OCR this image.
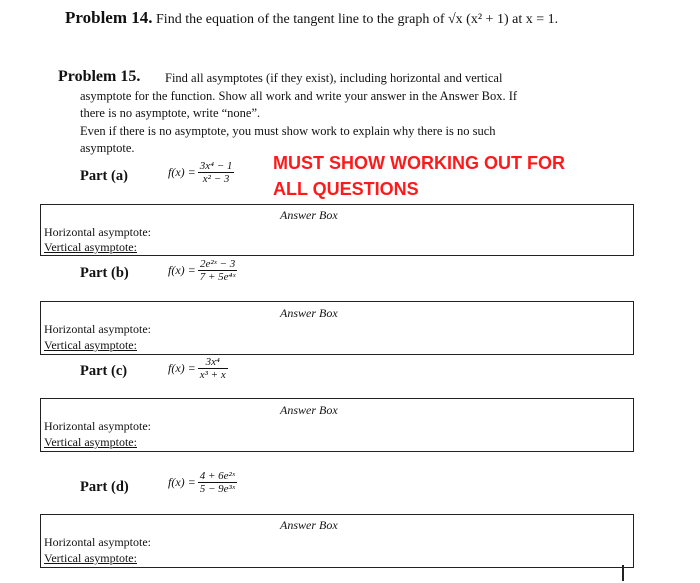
Problem 14. Find the equation of the tangent line to the graph of √x (x² + 1) at x = 1.
Problem 15. Find all asymptotes (if they exist), including horizontal and vertical
asymptote for the function. Show all work and write your answer in the Answer Box. If
there is no asymptote, write “none”.
Even if there is no asymptote, you must show work to explain why there is no such
asymptote.
MUST SHOW WORKING OUT FOR
ALL QUESTIONS
Part (a)	$f(x) = \frac{\text{3x⁴ − 1}}{\text{x² − 3}}$
Answer Box
Horizontal asymptote:
Vertical asymptote:
Part (b)	$f(x) = \frac{\text{2e²ˣ − 3}}{\text{7 + 5e⁴ˣ}}$
Answer Box
Horizontal asymptote:
Vertical asymptote:
Part (c)	$f(x) = \frac{\text{3x⁴}}{\text{x³ + x}}$
Answer Box
Horizontal asymptote:
Vertical asymptote:
Part (d)	$f(x) = \frac{\text{4 + 6e²ˣ}}{\text{5 − 9e³ˣ}}$
Answer Box
Horizontal asymptote:
Vertical asymptote:
